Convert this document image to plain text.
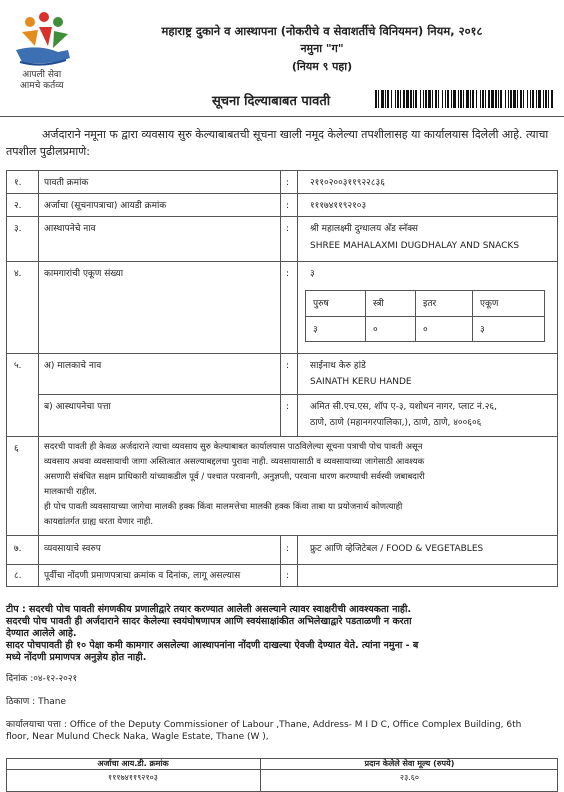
आपली सेवा
आमचे कर्तव्य
महाराष्ट्र दुकाने व आस्थापना (नोकरीचे व सेवाशर्तीचे विनियमन) नियम, २०१८
नमुना "ग"
(नियम ९ पहा)
सूचना दिल्याबाबत पावती
अर्जदाराने नमूना फ द्वारा व्यवसाय सुरु केल्याबाबतची सूचना खाली नमूद केलेल्या तपशीलासह या कार्यालयास दिलेली आहे. त्याचा तपशील पुढीलप्रमाणे:
१. पावती क्रमांक	: २११०२००३११९२२८३६
२. अर्जाचा (सूचनापत्राचा) आयडी क्रमांक	: १११७४११९२१०३
३. आस्थापनेचे नाव	: श्री महालक्ष्मी दुग्धालय अँड स्नॅक्स
SHREE MAHALAXMI DUGDHALAY AND SNACKS
४. कामगारांची एकूण संख्या	: ३
पुरुष	स्त्री	इतर	एकूण
३	०	०	३
५. अ) मालकाचे नाव	: साईनाथ केरु हांडे
SAINATH KERU HANDE
ब) आस्थापनेचा पत्ता	: अमित सी.एच.एस, शॉप ए-३, यशोधन नागर, प्लाट नं.२६,
ठाणे, ठाणे (महानगरपालिका,), ठाणे, ठाणे, ४००६०६
६	सदरची पावती ही केवळ अर्जदाराने त्याचा व्यवसाय सुरु केल्याबाबत कार्यालयास पाठविलेल्या सूचना पत्राची पोच पावती असून
व्यवसाय अथवा व्यवसायाची जागा अस्तित्वात असल्याबद्दलचा पुरावा नाही. व्यवसायासाठी व व्यवसायाच्या जागेसाठी आवश्यक
असणारी संबंधित सक्षम प्राधिकारी यांच्याकडील पूर्व / पश्चात परवानगी, अनुज्ञप्ती, परवाना धारण करण्याची सर्वस्वी जबाबदारी
मालकाची राहील.
ही पोच पावती व्यवसायाच्या जागेचा मालकी हक्क किंवा मालमत्तेचा मालकी हक्क किंवा ताबा या प्रयोजनार्थ कोणत्याही
कायद्यांतर्गत ग्राह्य धरता येणार नाही.
७. व्यवसायाचे स्वरुप	: फ्रुट आणि व्हेजिटेबल / FOOD & VEGETABLES
८. पूर्वीचा नोंदणी प्रमाणपत्राचा क्रमांक व दिनांक, लागू असल्यास	:
टीप : सदरची पोच पावती संगणकीय प्रणालीद्वारे तयार करण्यात आलेली असल्याने त्यावर स्वाक्षरीची आवश्यकता नाही.
सदरची पोच पावती ही अर्जदाराने सादर केलेल्या स्वयंघोषणापत्र आणि स्वयंसाक्षांकीत अभिलेखाद्वारे पडताळणी न करता
देण्यात आलेले आहे.
सादर पोचपावती ही १० पेक्षा कमी कामगार असलेल्या आस्थापनांना नोंदणी दाखल्या ऐवजी देण्यात येते. त्यांना नमुना - ब
मध्ये नोंदणी प्रमाणपत्र अनुज्ञेय होत नाही.
दिनांक :०४-१२-२०२१
ठिकाण : Thane
कार्यालयाचा पत्ता : Office of the Deputy Commissioner of Labour ,Thane, Address- M I D C, Office Complex Building, 6th
floor, Near Mulund Check Naka, Wagle Estate, Thane (W ),
अर्जाचा आय.डी. क्रमांक	प्रदान केलेले सेवा मूल्य (रुपये)
१११७४११९२१०३	२३.६०
